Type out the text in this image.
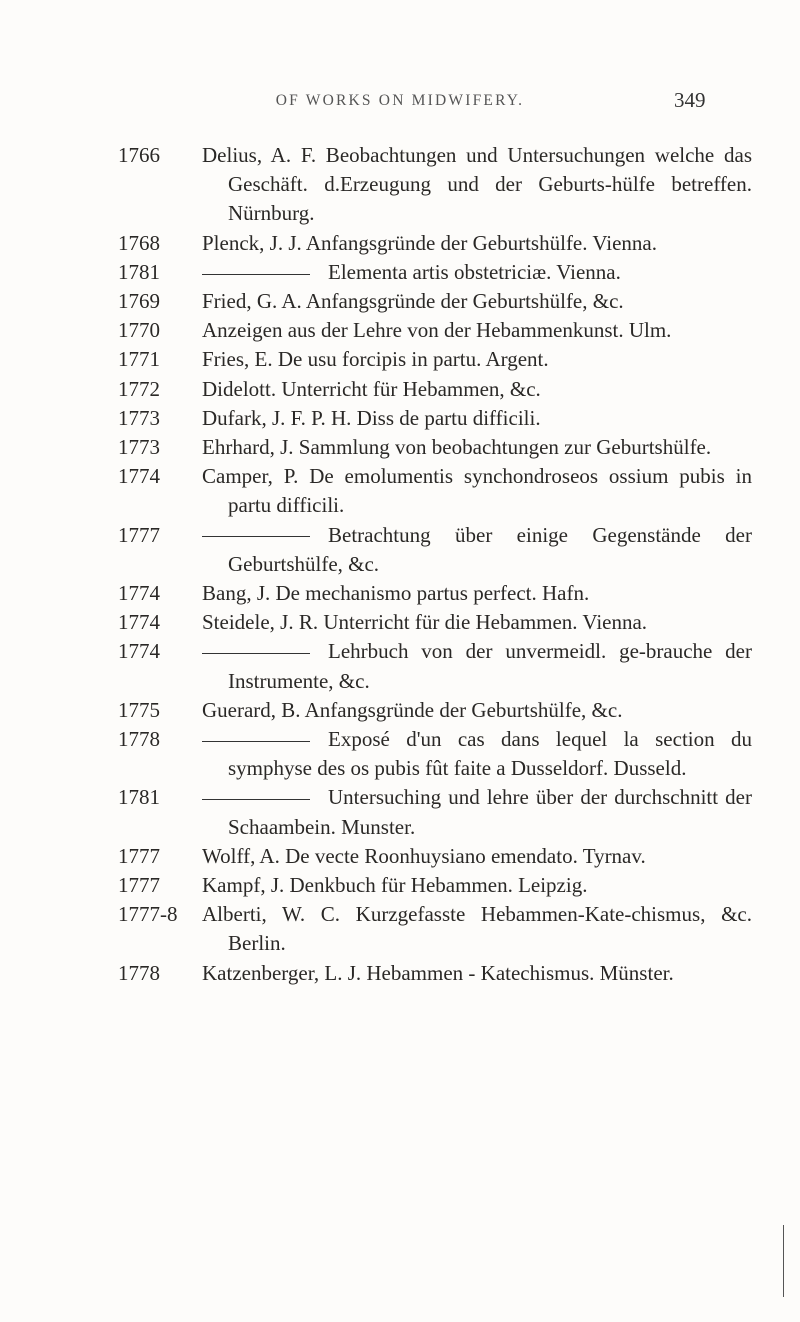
OF WORKS ON MIDWIFERY.	349
1766 Delius, A. F. Beobachtungen und Untersuchungen welche das Geschäft. d.Erzeugung und der Geburts-hülfe betreffen. Nürnburg.
1768 Plenck, J. J. Anfangsgründe der Geburtshülfe. Vienna.
1781	Elementa artis obstetriciæ. Vienna.
1769 Fried, G. A. Anfangsgründe der Geburtshülfe, &c.
1770 Anzeigen aus der Lehre von der Hebammenkunst. Ulm.
1771 Fries, E. De usu forcipis in partu. Argent.
1772 Didelott. Unterricht für Hebammen, &c.
1773 Dufark, J. F. P. H. Diss de partu difficili.
1773 Ehrhard, J. Sammlung von beobachtungen zur Geburtshülfe.
1774 Camper, P. De emolumentis synchondroseos ossium pubis in partu difficili.
1777	Betrachtung über einige Gegenstände der Geburtshülfe, &c.
1774 Bang, J. De mechanismo partus perfect. Hafn.
1774 Steidele, J. R. Unterricht für die Hebammen. Vienna.
1774	Lehrbuch von der unvermeidl. ge-brauche der Instrumente, &c.
1775 Guerard, B. Anfangsgründe der Geburtshülfe, &c.
1778	Exposé d'un cas dans lequel la section du symphyse des os pubis fût faite a Dusseldorf. Dusseld.
1781	Untersuching und lehre über der durchschnitt der Schaambein. Munster.
1777 Wolff, A. De vecte Roonhuysiano emendato. Tyrnav.
1777 Kampf, J. Denkbuch für Hebammen. Leipzig.
1777-8 Alberti, W. C. Kurzgefasste Hebammen-Kate-chismus, &c. Berlin.
1778 Katzenberger, L. J. Hebammen - Katechismus. Münster.
